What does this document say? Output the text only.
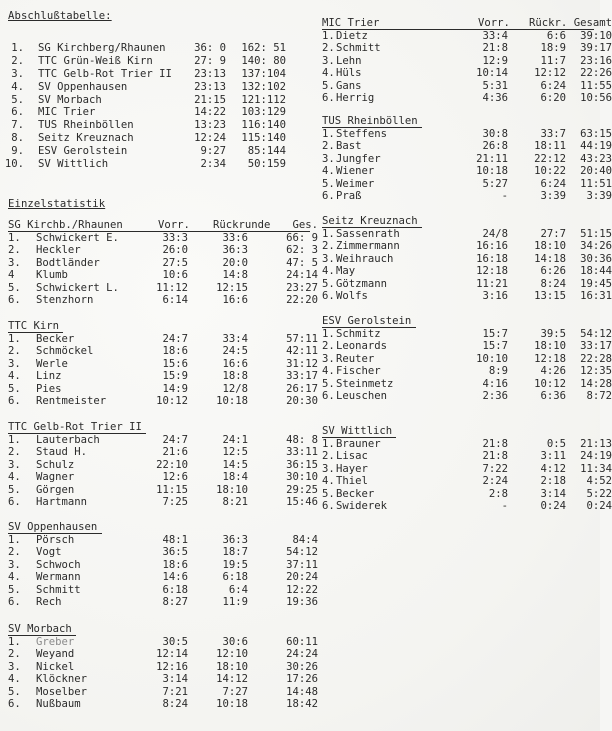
Abschlußtabelle:
1. SG Kirchberg/Rhaunen	36: 0	162: 51
2. TTC Grün-Weiß Kirn	27: 9	140: 80
3. TTC Gelb-Rot Trier II	23:13	137:104
4. SV Oppenhausen	23:13	132:102
5. SV Morbach	21:15	121:112
6. MIC Trier	14:22	103:129
7. TUS Rheinböllen	13:23	116:140
8. Seitz Kreuznach	12:24	115:140
9. ESV Gerolstein	9:27	85:144
10. SV Wittlich	2:34	50:159
Einzelstatistik
SG Kirchb./Rhaunen	Vorr. Rückrunde	Ges.
1. Schwickert E.	33:3	33:6	66: 9
2. Heckler	26:0	36:3	62: 3
3. Bodtländer	27:5	20:0	47: 5
4 Klumb	10:6	14:8	24:14
5. Schwickert L.	11:12	12:15	23:27
6. Stenzhorn	6:14	16:6	22:20
TTC Kirn
1. Becker	24:7	33:4	57:11
2. Schmöckel	18:6	24:5	42:11
3. Werle	15:6	16:6	31:12
4. Linz	15:9	18:8	33:17
5. Pies	14:9	12/8	26:17
6. Rentmeister	10:12	10:18	20:30
TTC Gelb-Rot Trier II
1. Lauterbach	24:7	24:1	48: 8
2. Staud H.	21:6	12:5	33:11
3. Schulz	22:10	14:5	36:15
4. Wagner	12:6	18:4	30:10
5. Görgen	11:15	18:10	29:25
6. Hartmann	7:25	8:21	15:46
SV Oppenhausen
1. Pörsch	48:1	36:3	84:4
2. Vogt	36:5	18:7	54:12
3. Schwoch	18:6	19:5	37:11
4. Wermann	14:6	6:18	20:24
5. Schmitt	6:18	6:4	12:22
6. Rech	8:27	11:9	19:36
SV Morbach
1. Greber	30:5	30:6	60:11
2. Weyand	12:14	12:10	24:24
3. Nickel	12:16	18:10	30:26
4. Klöckner	3:14	14:12	17:26
5. Moselber	7:21	7:27	14:48
6. Nußbaum	8:24	10:18	18:42
MIC Trier	Vorr. Rückr. Gesamt
1. Dietz	33:4	6:6	39:10
2. Schmitt	21:8	18:9	39:17
3. Lehn	12:9	11:7	23:16
4. Hüls	10:14	12:12	22:26
5. Gans	5:31	6:24	11:55
6. Herrig	4:36	6:20	10:56
TUS Rheinböllen
1. Steffens	30:8	33:7	63:15
2. Bast	26:8	18:11	44:19
3. Jungfer	21:11	22:12	43:23
4. Wiener	10:18	10:22	20:40
5. Weimer	5:27	6:24	11:51
6. Praß	-	3:39	3:39
Seitz Kreuznach
1. Sassenrath	24/8	27:7	51:15
2. Zimmermann	16:16	18:10	34:26
3. Weihrauch	16:18	14:18	30:36
4. May	12:18	6:26	18:44
5. Götzmann	11:21	8:24	19:45
6. Wolfs	3:16	13:15	16:31
ESV Gerolstein
1. Schmitz	15:7	39:5	54:12
2. Leonards	15:7	18:10	33:17
3. Reuter	10:10	12:18	22:28
4. Fischer	8:9	4:26	12:35
5. Steinmetz	4:16	10:12	14:28
6. Leuschen	2:36	6:36	8:72
SV Wittlich
1. Brauner	21:8	0:5	21:13
2. Lisac	21:8	3:11	24:19
3. Hayer	7:22	4:12	11:34
4. Thiel	2:24	2:18	4:52
5. Becker	2:8	3:14	5:22
6. Swiderek	-	0:24	0:24
